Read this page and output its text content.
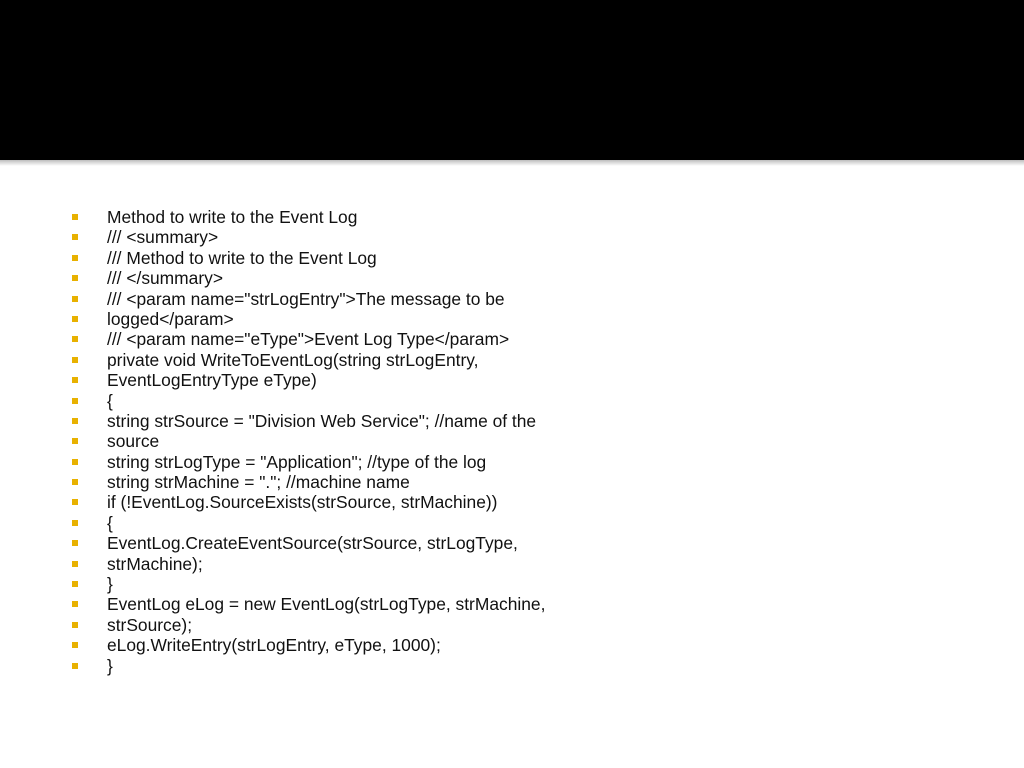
Method to write to the Event Log
/// <summary>
/// Method to write to the Event Log
/// </summary>
/// <param name="strLogEntry">The message to be
logged</param>
/// <param name="eType">Event Log Type</param>
private void WriteToEventLog(string strLogEntry,
EventLogEntryType eType)
{
string strSource = "Division Web Service"; //name of the
source
string strLogType = "Application"; //type of the log
string strMachine = "."; //machine name
if (!EventLog.SourceExists(strSource, strMachine))
{
EventLog.CreateEventSource(strSource, strLogType,
strMachine);
}
EventLog eLog = new EventLog(strLogType, strMachine,
strSource);
eLog.WriteEntry(strLogEntry, eType, 1000);
}
